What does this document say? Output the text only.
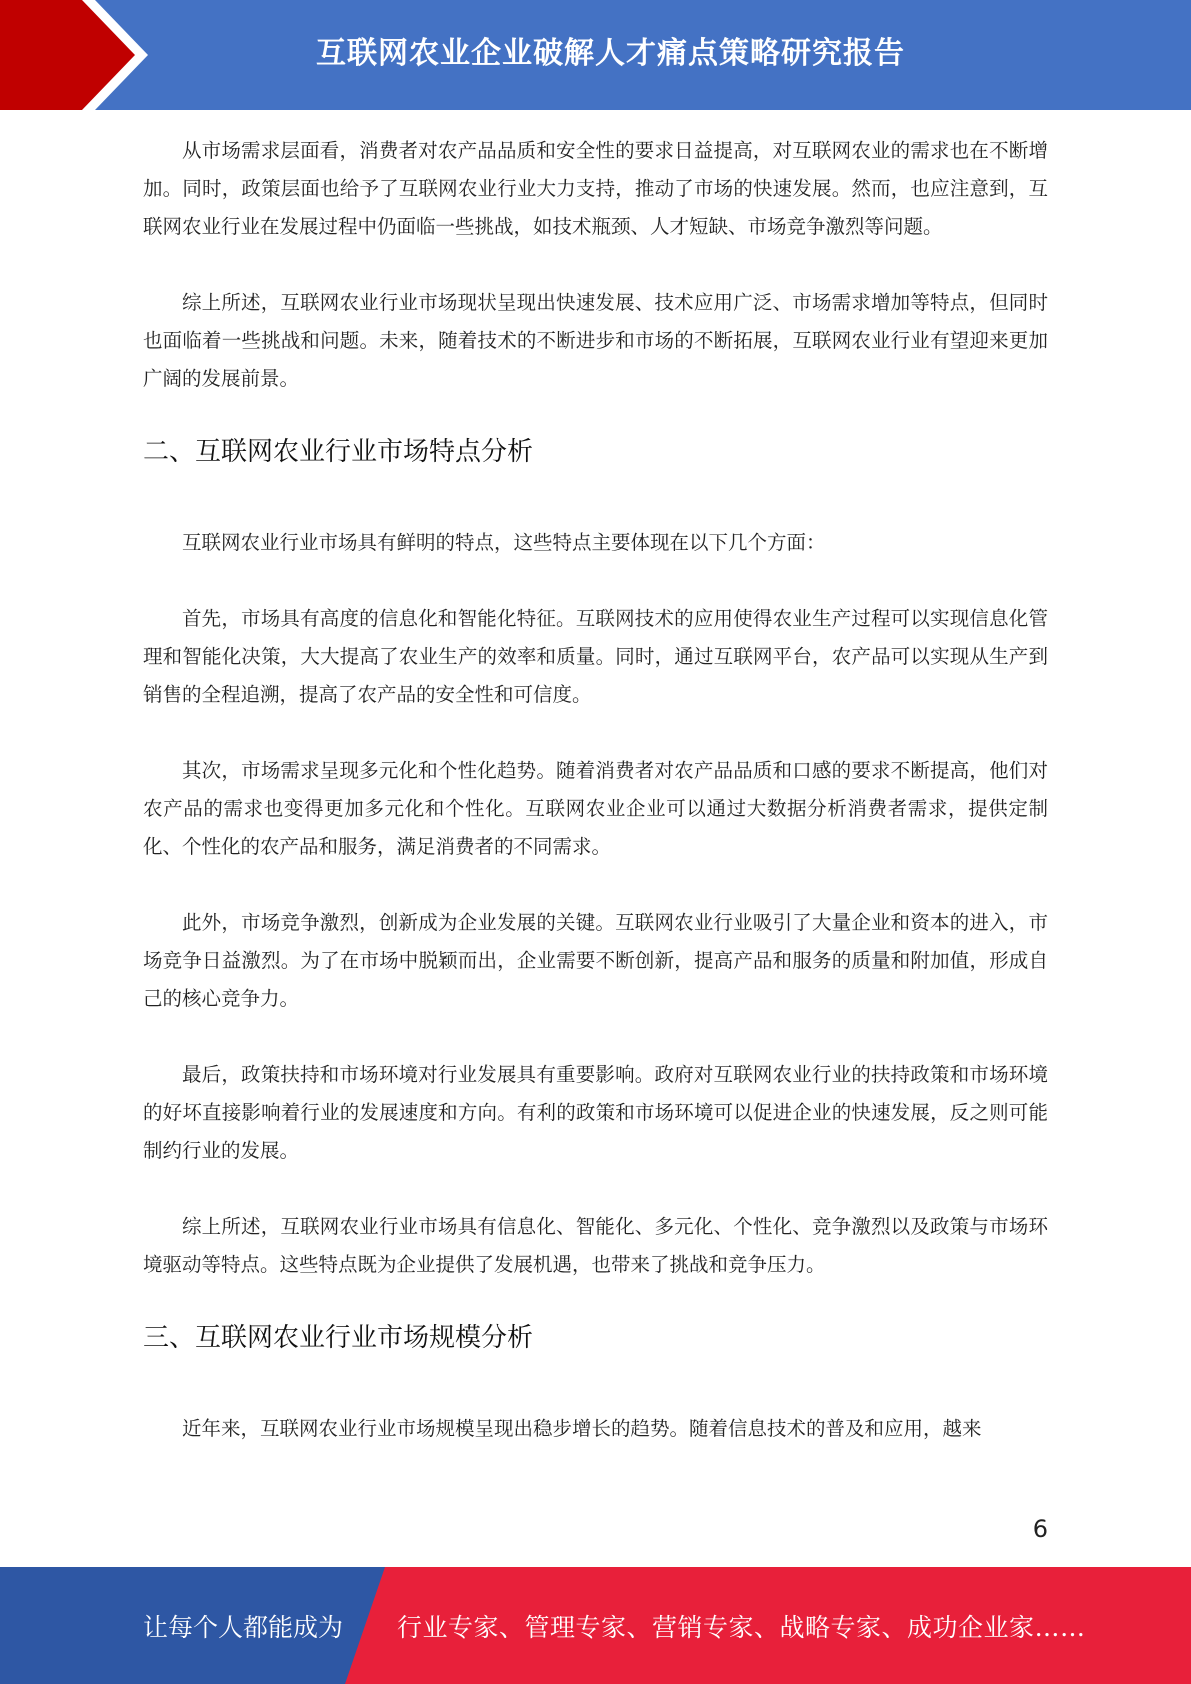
互联网农业企业破解人才痛点策略研究报告

从市场需求层面看，消费者对农产品品质和安全性的要求日益提高，对互联网农业的需求也在不断增加。同时，政策层面也给予了互联网农业行业大力支持，推动了市场的快速发展。然而，也应注意到，互联网农业行业在发展过程中仍面临一些挑战，如技术瓶颈、人才短缺、市场竞争激烈等问题。

综上所述，互联网农业行业市场现状呈现出快速发展、技术应用广泛、市场需求增加等特点，但同时也面临着一些挑战和问题。未来，随着技术的不断进步和市场的不断拓展，互联网农业行业有望迎来更加广阔的发展前景。

二、互联网农业行业市场特点分析

互联网农业行业市场具有鲜明的特点，这些特点主要体现在以下几个方面：

首先，市场具有高度的信息化和智能化特征。互联网技术的应用使得农业生产过程可以实现信息化管理和智能化决策，大大提高了农业生产的效率和质量。同时，通过互联网平台，农产品可以实现从生产到销售的全程追溯，提高了农产品的安全性和可信度。

其次，市场需求呈现多元化和个性化趋势。随着消费者对农产品品质和口感的要求不断提高，他们对农产品的需求也变得更加多元化和个性化。互联网农业企业可以通过大数据分析消费者需求，提供定制化、个性化的农产品和服务，满足消费者的不同需求。

此外，市场竞争激烈，创新成为企业发展的关键。互联网农业行业吸引了大量企业和资本的进入，市场竞争日益激烈。为了在市场中脱颖而出，企业需要不断创新，提高产品和服务的质量和附加值，形成自己的核心竞争力。

最后，政策扶持和市场环境对行业发展具有重要影响。政府对互联网农业行业的扶持政策和市场环境的好坏直接影响着行业的发展速度和方向。有利的政策和市场环境可以促进企业的快速发展，反之则可能制约行业的发展。

综上所述，互联网农业行业市场具有信息化、智能化、多元化、个性化、竞争激烈以及政策与市场环境驱动等特点。这些特点既为企业提供了发展机遇，也带来了挑战和竞争压力。

三、互联网农业行业市场规模分析

近年来，互联网农业行业市场规模呈现出稳步增长的趋势。随着信息技术的普及和应用，越来

6
让每个人都能成为 行业专家、管理专家、营销专家、战略专家、成功企业家……
